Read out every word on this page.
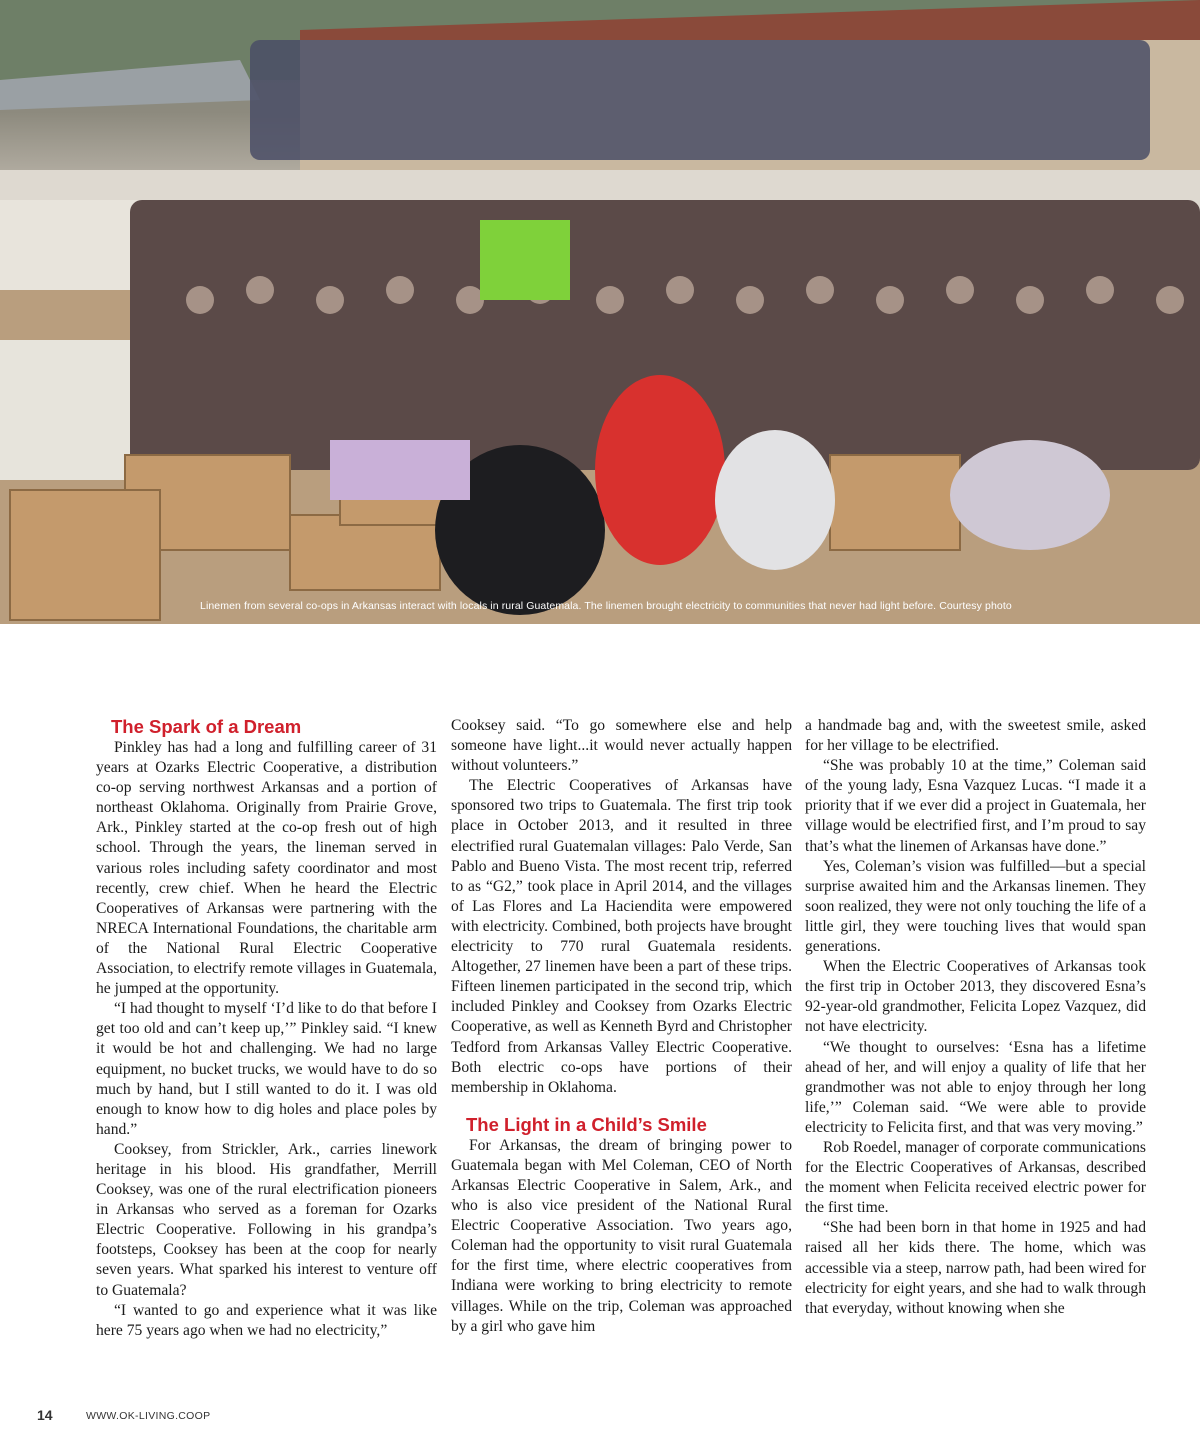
Linemen from several co-ops in Arkansas interact with locals in rural Guatemala. The linemen brought electricity to communities that never had light before. Courtesy photo
The Spark of a Dream

Pinkley has had a long and fulfilling career of 31 years at Ozarks Electric Cooperative, a distribution co-op serving northwest Arkansas and a portion of northeast Oklahoma. Originally from Prairie Grove, Ark., Pinkley started at the co-op fresh out of high school. Through the years, the lineman served in various roles including safety coordinator and most recently, crew chief. When he heard the Electric Cooperatives of Arkansas were partnering with the NRECA International Foundations, the charitable arm of the National Rural Electric Cooperative Association, to electrify remote villages in Guatemala, he jumped at the opportunity.

“I had thought to myself ‘I’d like to do that before I get too old and can’t keep up,’” Pinkley said. “I knew it would be hot and challenging. We had no large equipment, no bucket trucks, we would have to do so much by hand, but I still wanted to do it. I was old enough to know how to dig holes and place poles by hand.”

Cooksey, from Strickler, Ark., carries linework heritage in his blood. His grandfather, Merrill Cooksey, was one of the rural electrification pioneers in Arkansas who served as a foreman for Ozarks Electric Cooperative. Following in his grandpa’s footsteps, Cooksey has been at the coop for nearly seven years. What sparked his interest to venture off to Guatemala?

“I wanted to go and experience what it was like here 75 years ago when we had no electricity,”

Cooksey said. “To go somewhere else and help someone have light...it would never actually happen without volunteers.”

The Electric Cooperatives of Arkansas have sponsored two trips to Guatemala. The first trip took place in October 2013, and it resulted in three electrified rural Guatemalan villages: Palo Verde, San Pablo and Bueno Vista. The most recent trip, referred to as “G2,” took place in April 2014, and the villages of Las Flores and La Haciendita were empowered with electricity. Combined, both projects have brought electricity to 770 rural Guatemala residents. Altogether, 27 linemen have been a part of these trips. Fifteen linemen participated in the second trip, which included Pinkley and Cooksey from Ozarks Electric Cooperative, as well as Kenneth Byrd and Christopher Tedford from Arkansas Valley Electric Cooperative. Both electric co-ops have portions of their membership in Oklahoma.

The Light in a Child’s Smile

For Arkansas, the dream of bringing power to Guatemala began with Mel Coleman, CEO of North Arkansas Electric Cooperative in Salem, Ark., and who is also vice president of the National Rural Electric Cooperative Association. Two years ago, Coleman had the opportunity to visit rural Guatemala for the first time, where electric cooperatives from Indiana were working to bring electricity to remote villages. While on the trip, Coleman was approached by a girl who gave him

a handmade bag and, with the sweetest smile, asked for her village to be electrified.

“She was probably 10 at the time,” Coleman said of the young lady, Esna Vazquez Lucas. “I made it a priority that if we ever did a project in Guatemala, her village would be electrified first, and I’m proud to say that’s what the linemen of Arkansas have done.”

Yes, Coleman’s vision was fulfilled—but a special surprise awaited him and the Arkansas linemen. They soon realized, they were not only touching the life of a little girl, they were touching lives that would span generations.

When the Electric Cooperatives of Arkansas took the first trip in October 2013, they discovered Esna’s 92-year-old grandmother, Felicita Lopez Vazquez, did not have electricity.

“We thought to ourselves: ‘Esna has a lifetime ahead of her, and will enjoy a quality of life that her grandmother was not able to enjoy through her long life,’” Coleman said. “We were able to provide electricity to Felicita first, and that was very moving.”

Rob Roedel, manager of corporate communications for the Electric Cooperatives of Arkansas, described the moment when Felicita received electric power for the first time.

“She had been born in that home in 1925 and had raised all her kids there. The home, which was accessible via a steep, narrow path, had been wired for electricity for eight years, and she had to walk through that everyday, without knowing when she

14	WWW.OK-LIVING.COOP
